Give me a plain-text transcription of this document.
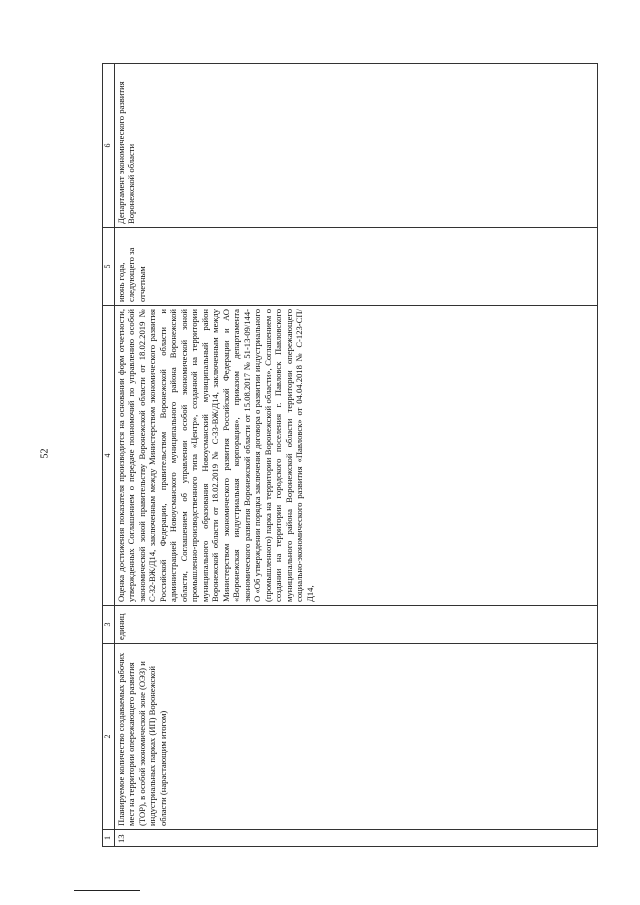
52
1	2	3	4	5	6
13	Планируемое количество создаваемых рабочих мест на территории опережающего развития (ТОР), в особой экономической зоне (ОЭЗ) и индустриальных парках (ИП) Воронежской области (нарастающим итогом)	единиц	Оценка достижения показателя производится на основании форм отчетности, утвержденных Соглашением о передаче полномочий по управлению особой экономической зоной правительству Воронежской области от 18.02.2019 № С-32-ВЖ/Д14, заключенным между Министерством экономического развития Российской Федерации, правительством Воронежской области и администрацией Новоусманского муниципального района Воронежской области, Соглашением об управлении особой экономической зоной промышленно-производственного типа «Центр», созданной на территории муниципального образования Новоусманский муниципальный район Воронежской области от 18.02.2019 № С-33-ВЖ/Д14, заключенным между Министерством экономического развития Российской Федерации и АО «Воронежская индустриальная корпорация», приказом департамента экономического развития Воронежской области от 15.08.2017 № 51-13-09/144-О «Об утверждении порядка заключения договора о развитии индустриального (промышленного) парка на территории Воронежской области», Соглашением о создании на территории городского поселения г. Павловск Павловского муниципального района Воронежской области территории опережающего социально-экономического развития «Павловск» от 04.04.2018 № С-123-СП/Д14,	июнь года, следующего за отчетным	Департамент экономического развития Воронежской области
